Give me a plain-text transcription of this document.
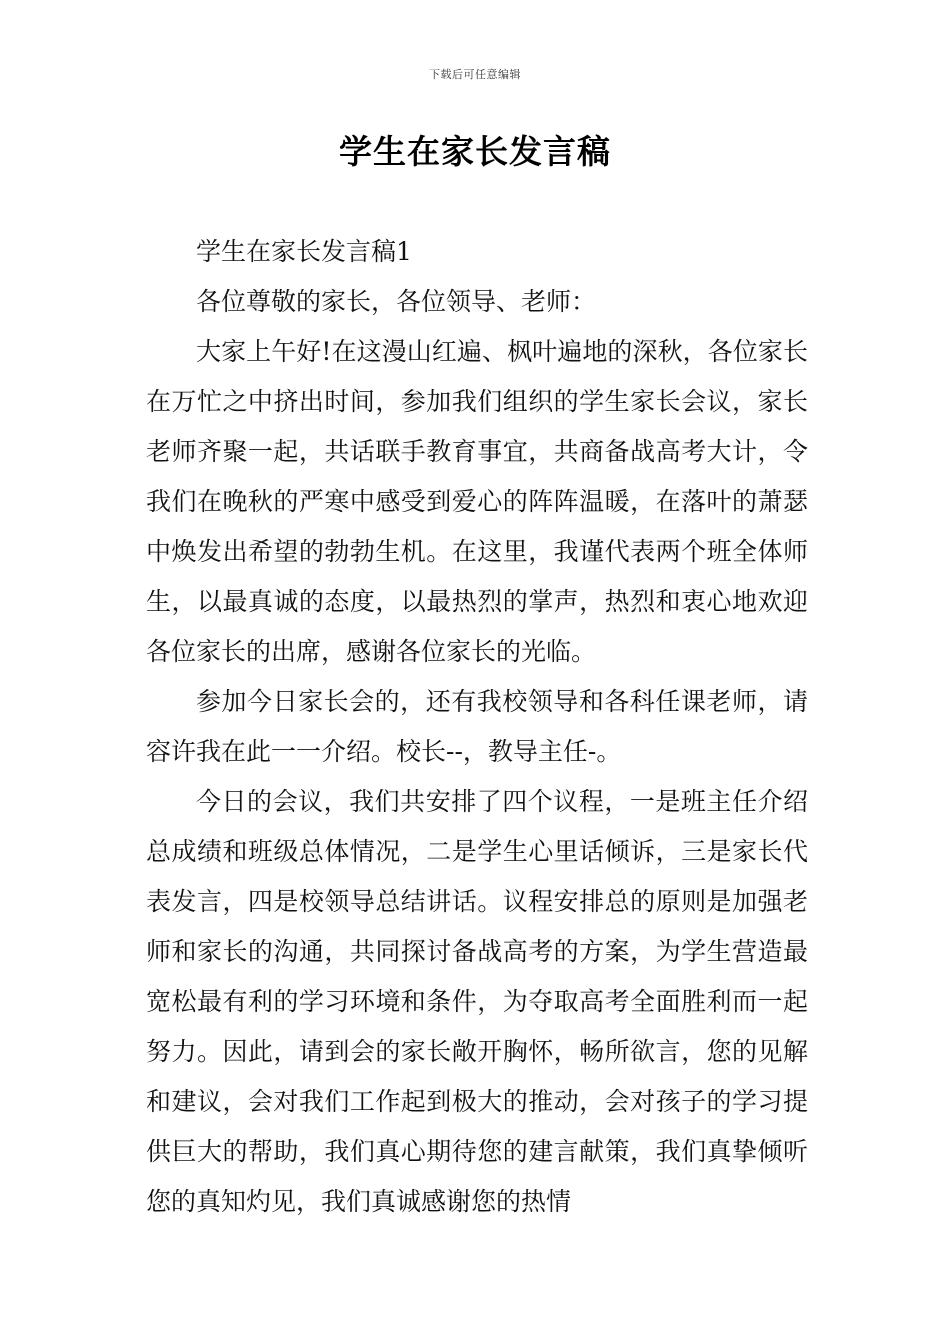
下载后可任意编辑
学生在家长发言稿

学生在家长发言稿1

各位尊敬的家长，各位领导、老师：

大家上午好!在这漫山红遍、枫叶遍地的深秋，各位家长在万忙之中挤出时间，参加我们组织的学生家长会议，家长老师齐聚一起，共话联手教育事宜，共商备战高考大计，令我们在晚秋的严寒中感受到爱心的阵阵温暖，在落叶的萧瑟中焕发出希望的勃勃生机。在这里，我谨代表两个班全体师生，以最真诚的态度，以最热烈的掌声，热烈和衷心地欢迎各位家长的出席，感谢各位家长的光临。

参加今日家长会的，还有我校领导和各科任课老师，请容许我在此一一介绍。校长--，教导主任-。

今日的会议，我们共安排了四个议程，一是班主任介绍总成绩和班级总体情况，二是学生心里话倾诉，三是家长代表发言，四是校领导总结讲话。议程安排总的原则是加强老师和家长的沟通，共同探讨备战高考的方案，为学生营造最宽松最有利的学习环境和条件，为夺取高考全面胜利而一起努力。因此，请到会的家长敞开胸怀，畅所欲言，您的见解和建议，会对我们工作起到极大的推动，会对孩子的学习提供巨大的帮助，我们真心期待您的建言献策，我们真挚倾听您的真知灼见，我们真诚感谢您的热情
